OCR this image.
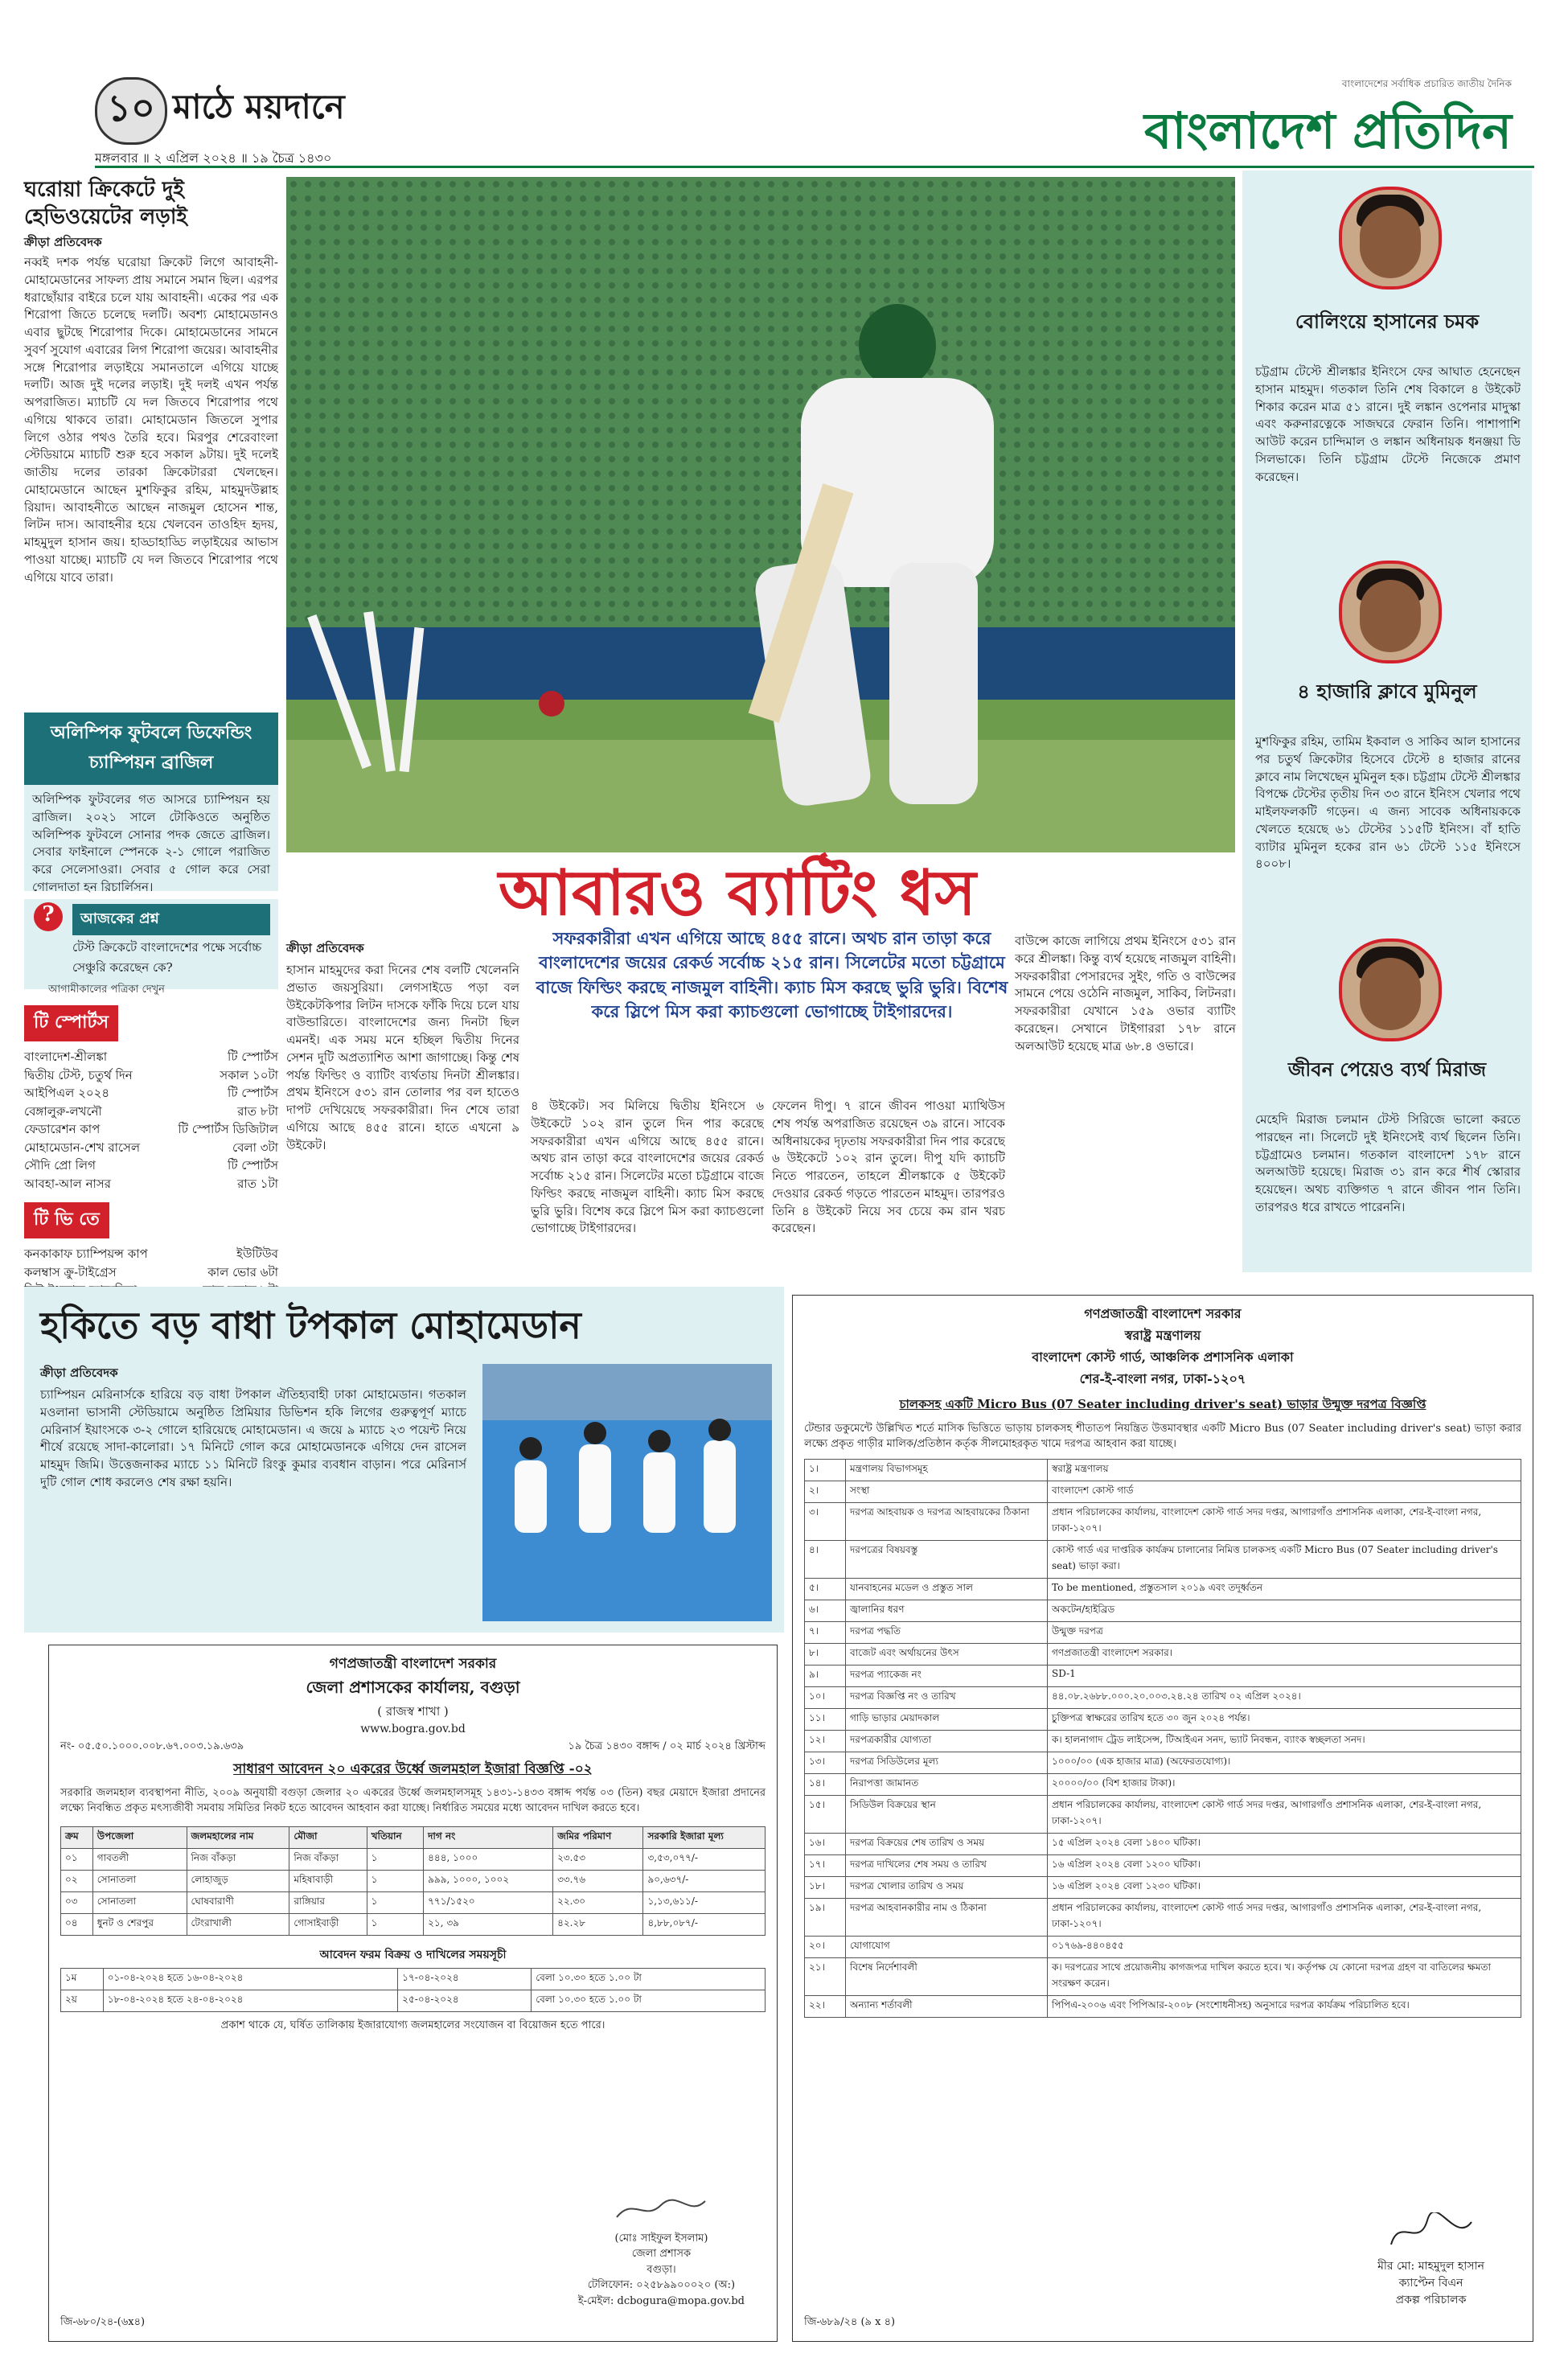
১০ মাঠে ময়দানে
মঙ্গলবার ॥ ২ এপ্রিল ২০২৪ ॥ ১৯ চৈত্র ১৪৩০
বাংলাদেশের সর্বাধিক প্রচারিত জাতীয় দৈনিক
বাংলাদেশ প্রতিদিন
ঘরোয়া ক্রিকেটে দুই হেভিওয়েটের লড়াই
ক্রীড়া প্রতিবেদক
নব্বই দশক পর্যন্ত ঘরোয়া ক্রিকেট লিগে আবাহনী-মোহামেডানের সাফল্য প্রায় সমানে সমান ছিল। এরপর ধরাছোঁয়ার বাইরে চলে যায় আবাহনী। একের পর এক শিরোপা জিতে চলেছে দলটি। অবশ্য মোহামেডানও এবার ছুটছে শিরোপার দিকে। মোহামেডানের সামনে সুবর্ণ সুযোগ এবারের লিগ শিরোপা জয়ের। আবাহনীর সঙ্গে শিরোপার লড়াইয়ে সমানতালে এগিয়ে যাচ্ছে দলটি। আজ দুই দলের লড়াই। দুই দলই এখন পর্যন্ত অপরাজিত। ম্যাচটি যে দল জিতবে শিরোপার পথে এগিয়ে থাকবে তারা। মোহামেডান জিতলে সুপার লিগে ওঠার পথও তৈরি হবে। মিরপুর শেরেবাংলা স্টেডিয়ামে ম্যাচটি শুরু হবে সকাল ৯টায়। দুই দলেই জাতীয় দলের তারকা ক্রিকেটাররা খেলছেন। মোহামেডানে আছেন মুশফিকুর রহিম, মাহমুদউল্লাহ রিয়াদ। আবাহনীতে আছেন নাজমুল হোসেন শান্ত, লিটন দাস। আবাহনীর হয়ে খেলবেন তাওহিদ হৃদয়, মাহমুদুল হাসান জয়। হাড্ডাহাড্ডি লড়াইয়ের আভাস পাওয়া যাচ্ছে। ম্যাচটি যে দল জিতবে শিরোপার পথে এগিয়ে যাবে তারা।
অলিম্পিক ফুটবলে ডিফেন্ডিং চ্যাম্পিয়ন ব্রাজিল
অলিম্পিক ফুটবলের গত আসরে চ্যাম্পিয়ন হয় ব্রাজিল। ২০২১ সালে টোকিওতে অনুষ্ঠিত অলিম্পিক ফুটবলে সোনার পদক জেতে ব্রাজিল। সেবার ফাইনালে স্পেনকে ২-১ গোলে পরাজিত করে সেলেসাওরা। সেবার ৫ গোল করে সেরা গোলদাতা হন রিচার্লিসন।
আজকের প্রশ্ন
?
টেস্ট ক্রিকেটে বাংলাদেশের পক্ষে সর্বোচ্চ সেঞ্চুরি করেছেন কে?
আগামীকালের পত্রিকা দেখুন
টি স্পোর্টস
বাংলাদেশ-শ্রীলঙ্কা	টি স্পোর্টস
দ্বিতীয় টেস্ট, চতুর্থ দিন	সকাল ১০টা
আইপিএল ২০২৪	টি স্পোর্টস
বেঙ্গালুরু-লখনৌ	রাত ৮টা
ফেডারেশন কাপ	টি স্পোর্টস ডিজিটাল
মোহামেডান-শেখ রাসেল	বেলা ৩টা
সৌদি প্রো লিগ	টি স্পোর্টস
আবহা-আল নাসর	রাত ১টা
টি ভি তে
কনকাকাফ চ্যাম্পিয়ন্স কাপ	ইউটিউব
কলম্বাস ক্রু-টাইগ্রেস	কাল ভোর ৬টা
আবারও ব্যাটিং ধস
সফরকারীরা এখন এগিয়ে আছে ৪৫৫ রানে। অথচ রান তাড়া করে বাংলাদেশের জয়ের রেকর্ড সর্বোচ্চ ২১৫ রান। সিলেটের মতো চট্টগ্রামে বাজে ফিল্ডিং করছে নাজমুল বাহিনী। ক্যাচ মিস করছে ভুরি ভুরি। বিশেষ করে স্লিপে মিস করা ক্যাচগুলো ভোগাচ্ছে টাইগারদের।
ক্রীড়া প্রতিবেদক
হাসান মাহমুদের করা দিনের শেষ বলটি খেলেননি প্রভাত জয়সুরিয়া। লেগসাইডে পড়া বল উইকেটকিপার লিটন দাসকে ফাঁকি দিয়ে চলে যায় বাউন্ডারিতে। বাংলাদেশের জন্য দিনটা ছিল এমনই। এক সময় মনে হচ্ছিল দ্বিতীয় দিনের সেশন দুটি অপ্রত্যাশিত আশা জাগাচ্ছে। কিন্তু শেষ পর্যন্ত ফিল্ডিং ও ব্যাটিং ব্যর্থতায় দিনটা শ্রীলঙ্কার। প্রথম ইনিংসে ৫৩১ রান তোলার পর বল হাতেও দাপট দেখিয়েছে সফরকারীরা। দিন শেষে তারা এগিয়ে আছে ৪৫৫ রানে। হাতে এখনো ৯ উইকেট।
৪ উইকেট। সব মিলিয়ে দ্বিতীয় ইনিংসে ৬ উইকেটে ১০২ রান তুলে দিন পার করেছে সফরকারীরা এখন এগিয়ে আছে ৪৫৫ রানে। অথচ রান তাড়া করে বাংলাদেশের জয়ের রেকর্ড সর্বোচ্চ ২১৫ রান। সিলেটের মতো চট্টগ্রামে বাজে ফিল্ডিং করছে নাজমুল বাহিনী। ক্যাচ মিস করছে ভুরি ভুরি। বিশেষ করে স্লিপে মিস করা ক্যাচগুলো ভোগাচ্ছে টাইগারদের।
ফেলেন দীপু। ৭ রানে জীবন পাওয়া ম্যাথিউস শেষ পর্যন্ত অপরাজিত রয়েছেন ৩৯ রানে। সাবেক অধিনায়কের দৃঢ়তায় সফরকারীরা দিন পার করেছে ৬ উইকেটে ১০২ রান তুলে। দীপু যদি ক্যাচটি নিতে পারতেন, তাহলে শ্রীলঙ্কাকে ৫ উইকেট দেওয়ার রেকর্ড গড়তে পারতেন মাহমুদ। তারপরও তিনি ৪ উইকেট নিয়ে সব চেয়ে কম রান খরচ করেছেন।
বাউন্সে কাজে লাগিয়ে প্রথম ইনিংসে ৫৩১ রান করে শ্রীলঙ্কা। কিন্তু ব্যর্থ হয়েছে নাজমুল বাহিনী। সফরকারীরা পেসারদের সুইং, গতি ও বাউন্সের সামনে পেয়ে ওঠেনি নাজমুল, সাকিব, লিটনরা। সফরকারীরা যেখানে ১৫৯ ওভার ব্যাটিং করেছেন। সেখানে টাইগাররা ১৭৮ রানে অলআউট হয়েছে মাত্র ৬৮.৪ ওভারে।
বোলিংয়ে হাসানের চমক
চট্টগ্রাম টেস্টে শ্রীলঙ্কার ইনিংসে ফের আঘাত হেনেছেন হাসান মাহমুদ। গতকাল তিনি শেষ বিকালে ৪ উইকেট শিকার করেন মাত্র ৫১ রানে। দুই লঙ্কান ওপেনার মাদুস্কা এবং করুনারত্নেকে সাজঘরে ফেরান তিনি। পাশাপাশি আউট করেন চান্দিমাল ও লঙ্কান অধিনায়ক ধনঞ্জয়া ডি সিলভাকে। তিনি চট্টগ্রাম টেস্টে নিজেকে প্রমাণ করেছেন।
৪ হাজারি ক্লাবে মুমিনুল
মুশফিকুর রহিম, তামিম ইকবাল ও সাকিব আল হাসানের পর চতুর্থ ক্রিকেটার হিসেবে টেস্টে ৪ হাজার রানের ক্লাবে নাম লিখেছেন মুমিনুল হক। চট্টগ্রাম টেস্টে শ্রীলঙ্কার বিপক্ষে টেস্টের তৃতীয় দিন ৩৩ রানে ইনিংস খেলার পথে মাইলফলকটি গড়েন। এ জন্য সাবেক অধিনায়ককে খেলতে হয়েছে ৬১ টেস্টের ১১৫টি ইনিংস। বাঁ হাতি ব্যাটার মুমিনুল হকের রান ৬১ টেস্টে ১১৫ ইনিংসে ৪০০৮।
জীবন পেয়েও ব্যর্থ মিরাজ
মেহেদি মিরাজ চলমান টেস্ট সিরিজে ভালো করতে পারছেন না। সিলেটে দুই ইনিংসেই ব্যর্থ ছিলেন তিনি। চট্টগ্রামেও চলমান। গতকাল বাংলাদেশ ১৭৮ রানে অলআউট হয়েছে। মিরাজ ৩১ রান করে শীর্ষ স্কোরার হয়েছেন। অথচ ব্যক্তিগত ৭ রানে জীবন পান তিনি। তারপরও ধরে রাখতে পারেননি।
হকিতে বড় বাধা টপকাল মোহামেডান
ক্রীড়া প্রতিবেদক
চ্যাম্পিয়ন মেরিনার্সকে হারিয়ে বড় বাধা টপকাল ঐতিহ্যবাহী ঢাকা মোহামেডান। গতকাল মওলানা ভাসানী স্টেডিয়ামে অনুষ্ঠিত প্রিমিয়ার ডিভিশন হকি লিগের গুরুত্বপূর্ণ ম্যাচে মেরিনার্স ইয়াংসকে ৩-২ গোলে হারিয়েছে মোহামেডান। এ জয়ে ৯ ম্যাচে ২৩ পয়েন্ট নিয়ে শীর্ষে রয়েছে সাদা-কালোরা। ১৭ মিনিটে গোল করে মোহামেডানকে এগিয়ে দেন রাসেল মাহমুদ জিমি। উত্তেজনাকর ম্যাচে ১১ মিনিটে রিংকু কুমার ব্যবধান বাড়ান। পরে মেরিনার্স দুটি গোল শোধ করলেও শেষ রক্ষা হয়নি।
গণপ্রজাতন্ত্রী বাংলাদেশ সরকার
জেলা প্রশাসকের কার্যালয়, বগুড়া
( রাজস্ব শাখা )
www.bogra.gov.bd
নং- ০৫.৫০.১০০০.০০৮.৬৭.০০৩.১৯.৬৩৯	১৯ চৈত্র ১৪৩০ বঙ্গাব্দ / ০২ মার্চ ২০২৪ খ্রিস্টাব্দ
সাধারণ আবেদন ২০ একরের উর্ধ্বে জলমহাল ইজারা বিজ্ঞপ্তি -০২
সরকারি জলমহাল ব্যবস্থাপনা নীতি, ২০০৯ অনুযায়ী বগুড়া জেলার ২০ একরের উর্ধ্বে জলমহালসমূহ ১৪৩১-১৪৩৩ বঙ্গাব্দ পর্যন্ত ০৩ (তিন) বছর মেয়াদে ইজারা প্রদানের লক্ষ্যে নিবন্ধিত প্রকৃত মৎস্যজীবী সমবায় সমিতির নিকট হতে আবেদন আহবান করা যাচ্ছে। নির্ধারিত সময়ের মধ্যে আবেদন দাখিল করতে হবে।
ক্রম	উপজেলা	জলমহালের নাম	মৌজা	খতিয়ান	দাগ নং	জমির পরিমাণ	সরকারি ইজারা মূল্য
০১	গাবতলী	নিজ বাঁকড়া	নিজ বাঁকড়া	১	৪৪৪, ১০০০	২৩.৫৩	৩,৫৩,০৭৭/-
০২	সোনাতলা	লোহাজুড়	মহিষাবাড়ী	১	৯৯৯, ১০০০, ১০০২	৩৩.৭৬	৯০,৬৩৭/-
০৩	সোনাতলা	ঘোষবারাণী	রাঙ্গিয়ার	১	৭৭১/১৫২০	২২.৩০	১,১৩,৬১১/-
০৪	ধুনট ও শেরপুর	টেংরাখালী	গোসাইবাড়ী	১	২১, ৩৯	৪২.২৮	৪,৮৮,০৮৭/-
আবেদন ফরম বিক্রয় ও দাখিলের সময়সূচী
১ম	০১-০৪-২০২৪ হতে ১৬-০৪-২০২৪	১৭-০৪-২০২৪	বেলা ১০.৩০ হতে ১.০০ টা
২য়	১৮-০৪-২০২৪ হতে ২৪-০৪-২০২৪	২৫-০৪-২০২৪	বেলা ১০.৩০ হতে ১.০০ টা
প্রকাশ থাকে যে, ঘর্ষিত তালিকায় ইজারাযোগ্য জলমহালের সংযোজন বা বিয়োজন হতে পারে।
(মোঃ সাইফুল ইসলাম)
জেলা প্রশাসক
বগুড়া।
টেলিফোন: ০২৫৮৯৯০০০২০ (অ:)
ই-মেইল: dcbogura@mopa.gov.bd
জি-৬৮০/২৪-(৬x৪)
গণপ্রজাতন্ত্রী বাংলাদেশ সরকার
স্বরাষ্ট্র মন্ত্রণালয়
বাংলাদেশ কোস্ট গার্ড, আঞ্চলিক প্রশাসনিক এলাকা
শের-ই-বাংলা নগর, ঢাকা-১২০৭
চালকসহ একটি Micro Bus (07 Seater including driver's seat) ভাড়ার উন্মুক্ত দরপত্র বিজ্ঞপ্তি
টেন্ডার ডকুমেন্টে উল্লিখিত শর্তে মাসিক ভিত্তিতে ভাড়ায় চালকসহ শীতাতপ নিয়ন্ত্রিত উত্তমাবস্থার একটি Micro Bus (07 Seater including driver's seat) ভাড়া করার লক্ষ্যে প্রকৃত গাড়ীর মালিক/প্রতিষ্ঠান কর্তৃক সীলমোহরকৃত খামে দরপত্র আহবান করা যাচ্ছে।
১।	মন্ত্রণালয় বিভাগসমূহ	স্বরাষ্ট্র মন্ত্রণালয়
২।	সংস্থা	বাংলাদেশ কোস্ট গার্ড
৩।	দরপত্র আহবায়ক ও দরপত্র আহবায়কের ঠিকানা	প্রধান পরিচালকের কার্যালয়, বাংলাদেশ কোস্ট গার্ড সদর দপ্তর, আগারগাঁও প্রশাসনিক এলাকা, শের-ই-বাংলা নগর, ঢাকা-১২০৭।
৪।	দরপত্রের বিষয়বস্তু	কোস্ট গার্ড এর দাপ্তরিক কার্যক্রম চালানোর নিমিত্ত চালকসহ একটি Micro Bus (07 Seater including driver's seat) ভাড়া করা।
৫।	যানবাহনের মডেল ও প্রস্তুত সাল	To be mentioned, প্রস্তুতসাল ২০১৯ এবং তদূর্ধ্বতন
৬।	জ্বালানির ধরণ	অকটেন/হাইব্রিড
৭।	দরপত্র পদ্ধতি	উন্মুক্ত দরপত্র
৮।	বাজেট এবং অর্থায়নের উৎস	গণপ্রজাতন্ত্রী বাংলাদেশ সরকার।
৯।	দরপত্র প্যাকেজ নং	SD-1
১০।	দরপত্র বিজ্ঞপ্তি নং ও তারিখ	৪৪.০৮.২৬৮৮.০০০.২০.০০৩.২৪.২৪ তারিখ ০২ এপ্রিল ২০২৪।
১১।	গাড়ি ভাড়ার মেয়াদকাল	চুক্তিপত্র স্বাক্ষরের তারিখ হতে ৩০ জুন ২০২৪ পর্যন্ত।
১২।	দরপত্রকারীর যোগ্যতা	ক। হালনাগাদ ট্রেড লাইসেন্স, টিআইএন সনদ, ভ্যাট নিবন্ধন, ব্যাংক স্বচ্ছলতা সনদ।
১৩।	দরপত্র সিডিউলের মূল্য	১০০০/০০ (এক হাজার মাত্র) (অফেরতযোগ্য)।
১৪।	নিরাপত্তা জামানত	২০০০০/০০ (বিশ হাজার টাকা)।
১৫।	সিডিউল বিক্রয়ের স্থান	প্রধান পরিচালকের কার্যালয়, বাংলাদেশ কোস্ট গার্ড সদর দপ্তর, আগারগাঁও প্রশাসনিক এলাকা, শের-ই-বাংলা নগর, ঢাকা-১২০৭।
১৬।	দরপত্র বিক্রয়ের শেষ তারিখ ও সময়	১৫ এপ্রিল ২০২৪ বেলা ১৪০০ ঘটিকা।
১৭।	দরপত্র দাখিলের শেষ সময় ও তারিখ	১৬ এপ্রিল ২০২৪ বেলা ১২০০ ঘটিকা।
১৮।	দরপত্র খোলার তারিখ ও সময়	১৬ এপ্রিল ২০২৪ বেলা ১২৩০ ঘটিকা।
১৯।	দরপত্র আহবানকারীর নাম ও ঠিকানা	প্রধান পরিচালকের কার্যালয়, বাংলাদেশ কোস্ট গার্ড সদর দপ্তর, আগারগাঁও প্রশাসনিক এলাকা, শের-ই-বাংলা নগর, ঢাকা-১২০৭।
২০।	যোগাযোগ	০১৭৬৯-৪৪০৪৫৫
২১।	বিশেষ নির্দেশাবলী	ক। দরপত্রের সাথে প্রয়োজনীয় কাগজপত্র দাখিল করতে হবে। খ। কর্তৃপক্ষ যে কোনো দরপত্র গ্রহণ বা বাতিলের ক্ষমতা সংরক্ষণ করেন।
২২।	অন্যান্য শর্তাবলী	পিপিএ-২০০৬ এবং পিপিআর-২০০৮ (সংশোধনীসহ) অনুসারে দরপত্র কার্যক্রম পরিচালিত হবে।
মীর মো: মাহমুদুল হাসান
ক্যাপ্টেন বিএন
প্রকল্প পরিচালক
জি-৬৮৯/২৪ (৯ x ৪)
